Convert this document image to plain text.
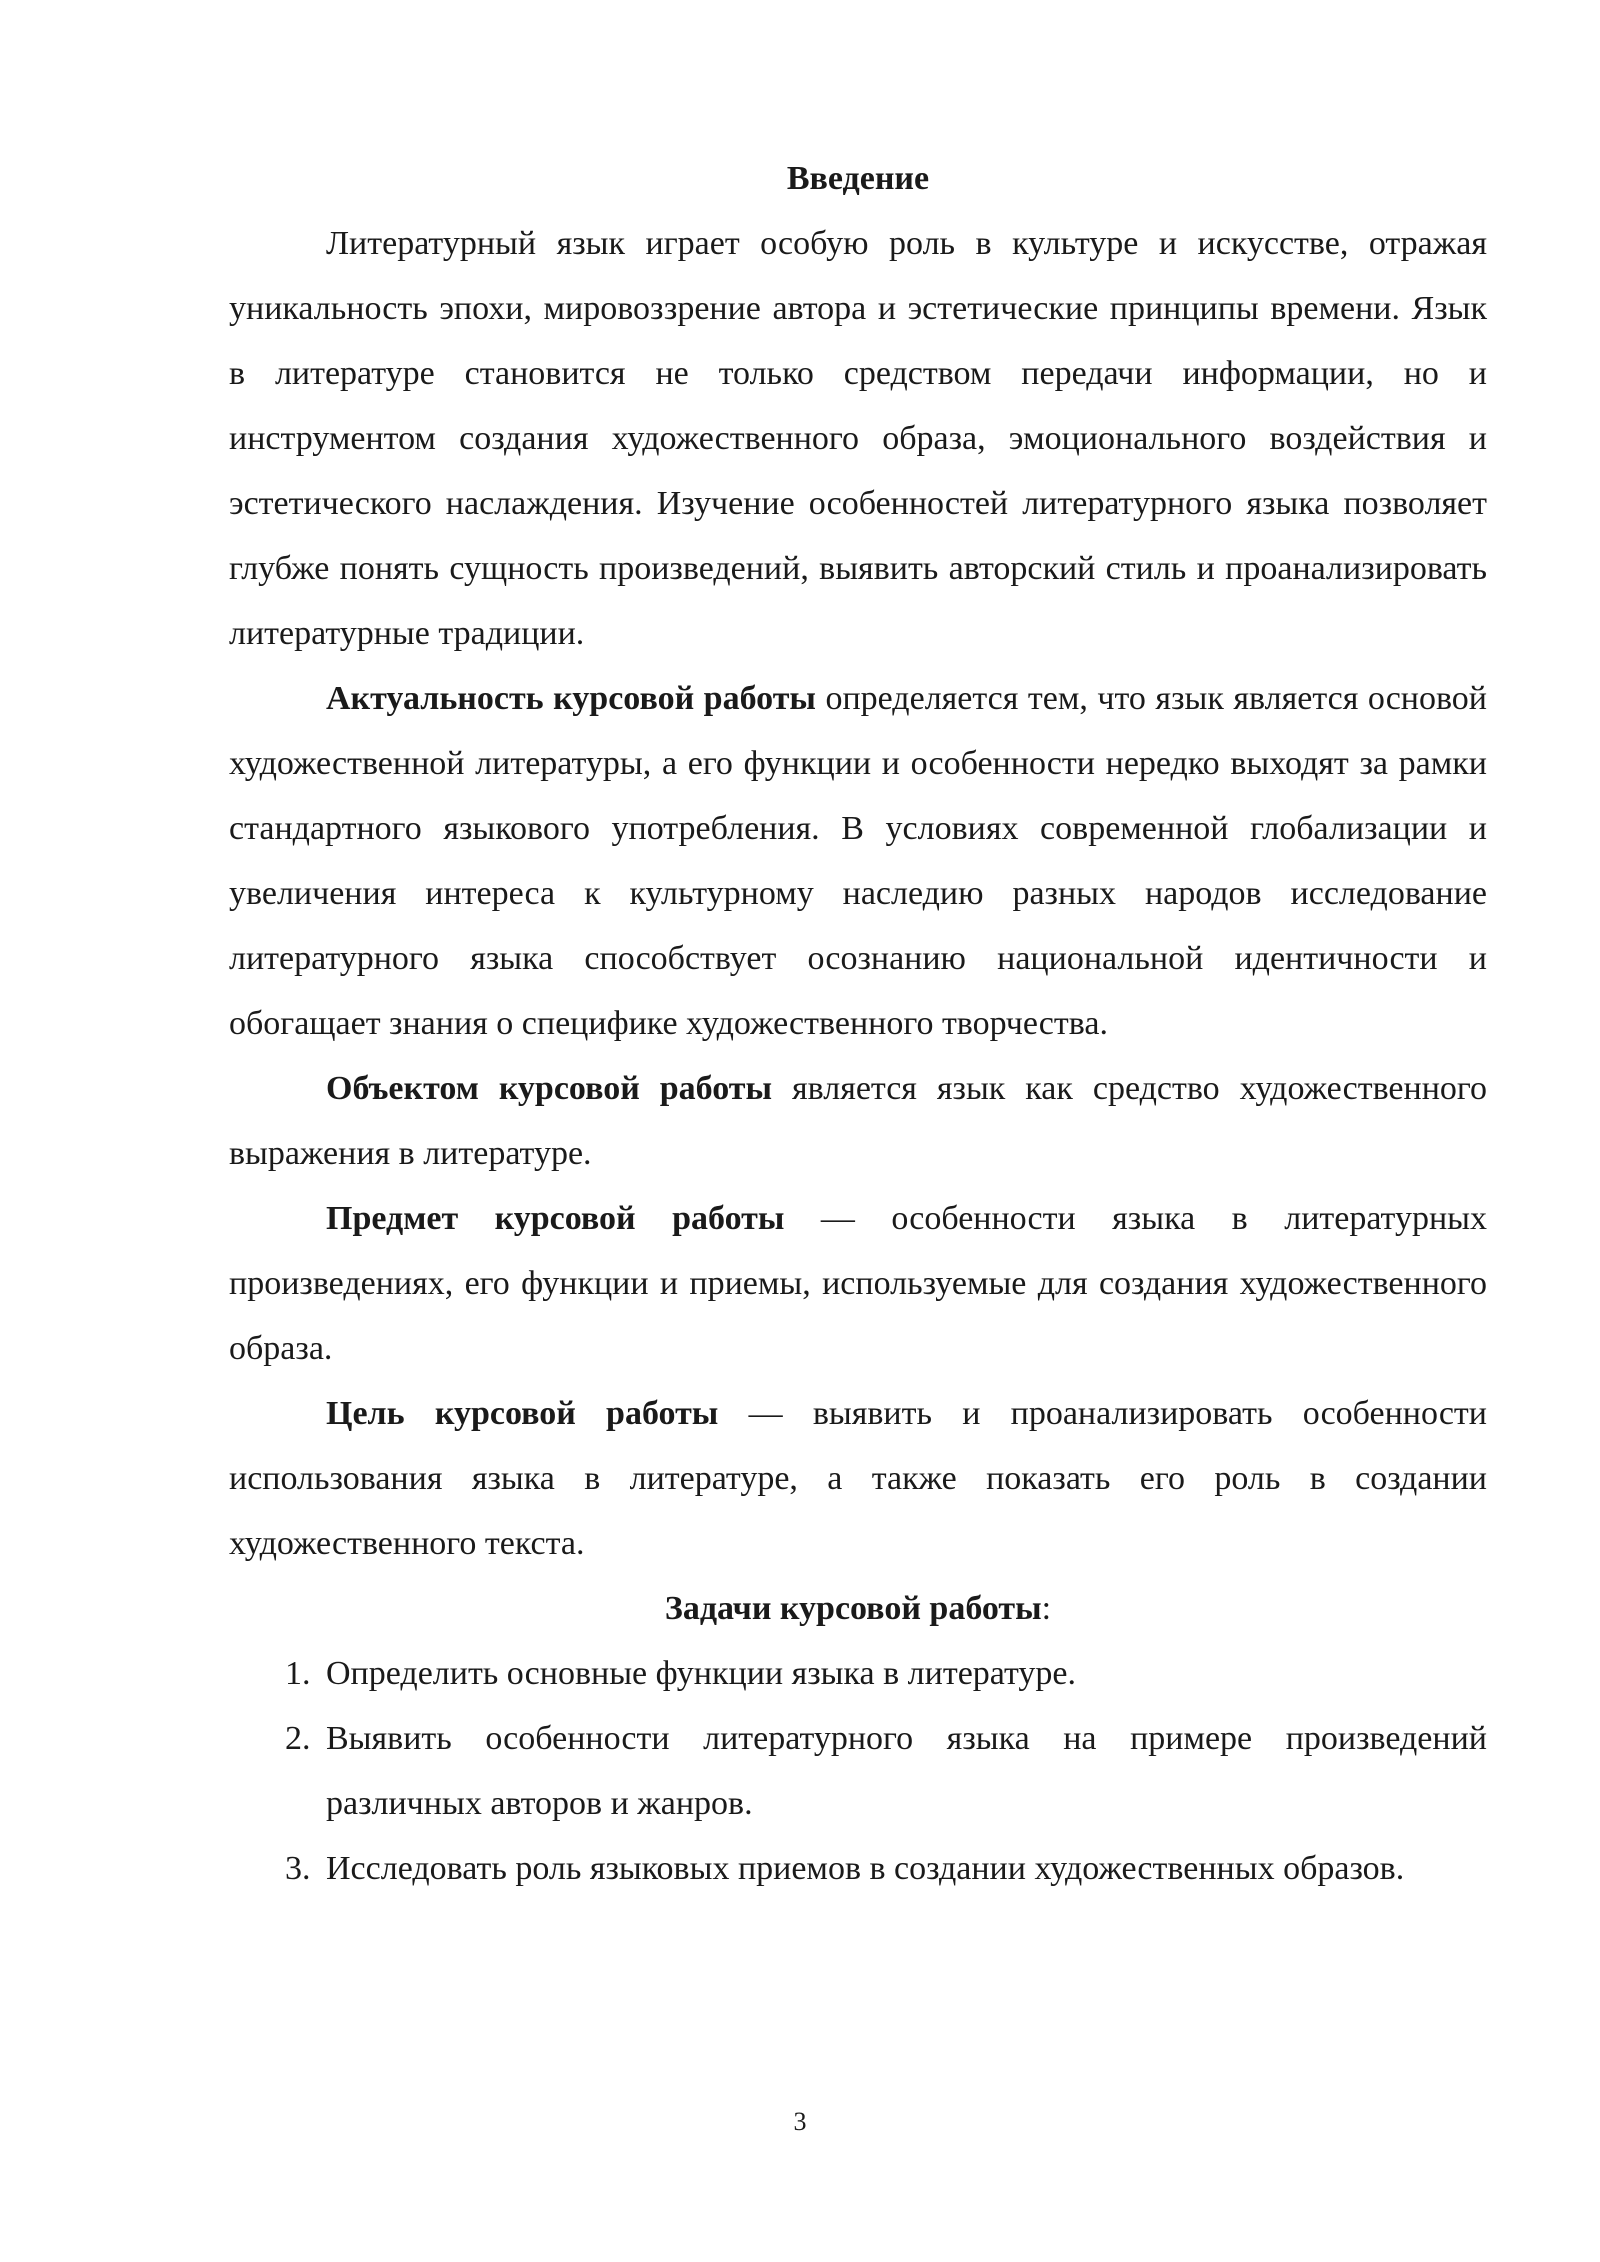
Введение

Литературный язык играет особую роль в культуре и искусстве, отражая уникальность эпохи, мировоззрение автора и эстетические принципы времени. Язык в литературе становится не только средством передачи информации, но и инструментом создания художественного образа, эмоционального воздействия и эстетического наслаждения. Изучение особенностей литературного языка позволяет глубже понять сущность произведений, выявить авторский стиль и проанализировать литературные традиции.

Актуальность курсовой работы определяется тем, что язык является основой художественной литературы, а его функции и особенности нередко выходят за рамки стандартного языкового употребления. В условиях современной глобализации и увеличения интереса к культурному наследию разных народов исследование литературного языка способствует осознанию национальной идентичности и обогащает знания о специфике художественного творчества.

Объектом курсовой работы является язык как средство художественного выражения в литературе.

Предмет курсовой работы — особенности языка в литературных произведениях, его функции и приемы, используемые для создания художественного образа.

Цель курсовой работы — выявить и проанализировать особенности использования языка в литературе, а также показать его роль в создании художественного текста.

Задачи курсовой работы:

1. Определить основные функции языка в литературе.
2. Выявить особенности литературного языка на примере произведений различных авторов и жанров.
3. Исследовать роль языковых приемов в создании художественных образов.
3
